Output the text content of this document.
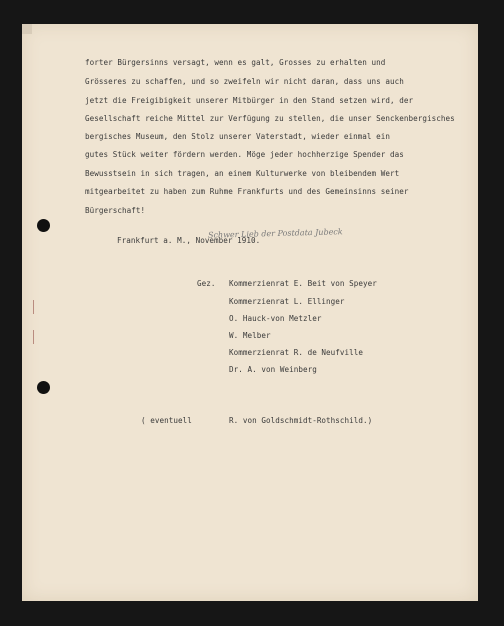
forter Bürgersinns versagt, wenn es galt, Grosses zu erhalten und
Grösseres zu schaffen, und so zweifeln wir nicht daran, dass uns auch
jetzt die Freigibigkeit unserer Mitbürger in den Stand setzen wird, der
Gesellschaft reiche Mittel zur Verfügung zu stellen, die unser Senckenbergisches
bergisches Museum, den Stolz unserer Vaterstadt, wieder einmal ein
gutes Stück weiter fördern werden. Möge jeder hochherzige Spender das
Bewusstsein in sich tragen, an einem Kulturwerke von bleibendem Wert
mitgearbeitet zu haben zum Ruhme Frankfurts und des Gemeinsinns seiner
Bürgerschaft!
Schwer Lieb der Postdata Jubeck
Frankfurt a. M., November 1910.
Gez. Kommerzienrat E. Beit von Speyer
Kommerzienrat L. Ellinger
O. Hauck-von Metzler
W. Melber
Kommerzienrat R. de Neufville
Dr. A. von Weinberg
( eventuell	R. von Goldschmidt-Rothschild.)
